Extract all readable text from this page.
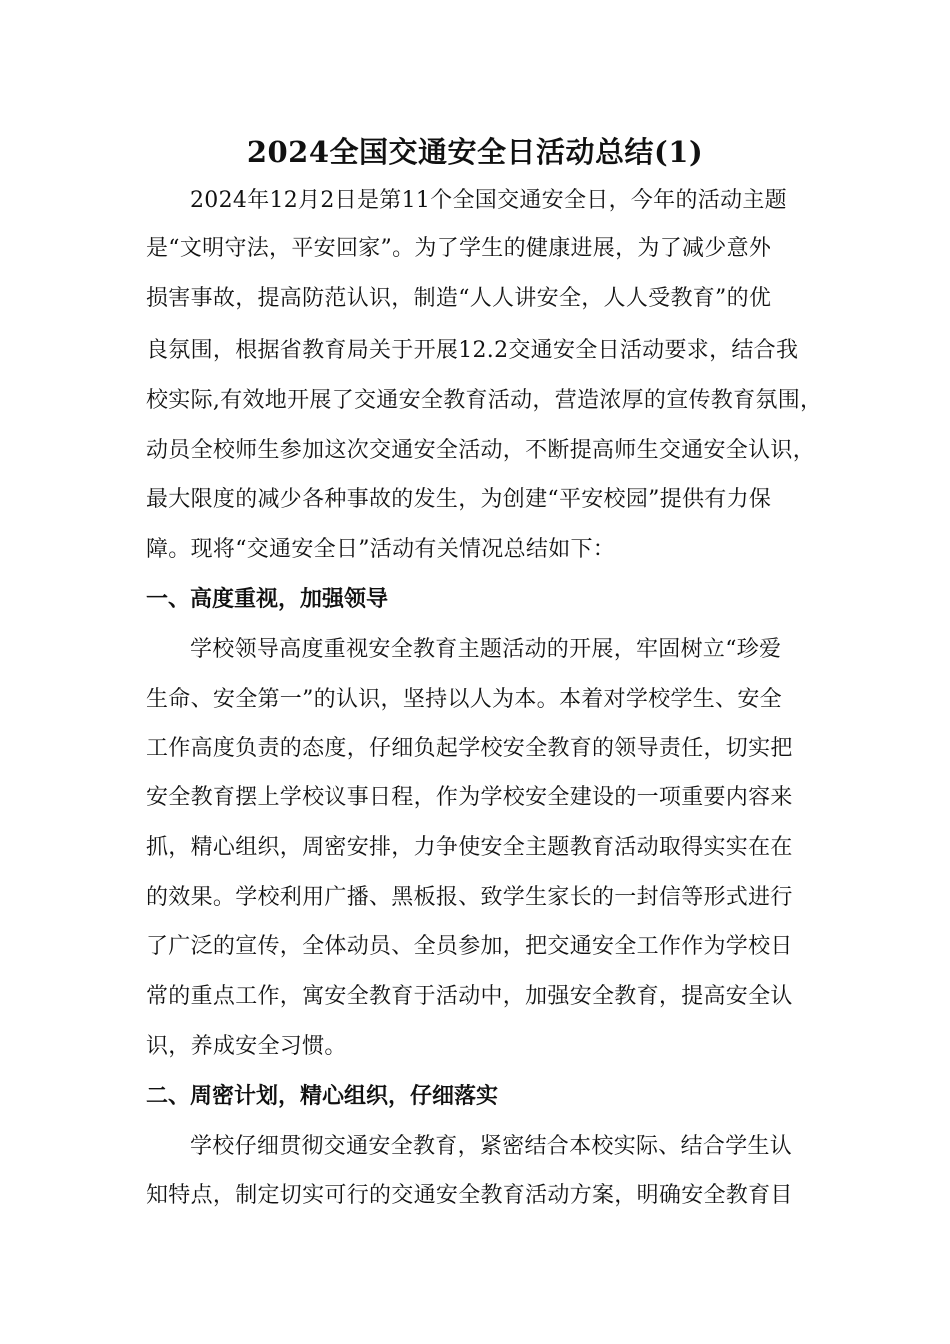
2024全国交通安全日活动总结(1)
2024年12月2日是第11个全国交通安全日，今年的活动主题
是“文明守法，平安回家”。为了学生的健康进展，为了减少意外
损害事故，提高防范认识，制造“人人讲安全，人人受教育”的优
良氛围，根据省教育局关于开展12.2交通安全日活动要求，结合我
校实际,有效地开展了交通安全教育活动，营造浓厚的宣传教育氛围，
动员全校师生参加这次交通安全活动，不断提高师生交通安全认识，
最大限度的减少各种事故的发生，为创建“平安校园”提供有力保
障。现将“交通安全日”活动有关情况总结如下：
一、高度重视，加强领导
学校领导高度重视安全教育主题活动的开展，牢固树立“珍爱
生命、安全第一”的认识，坚持以人为本。本着对学校学生、安全
工作高度负责的态度，仔细负起学校安全教育的领导责任，切实把
安全教育摆上学校议事日程，作为学校安全建设的一项重要内容来
抓，精心组织，周密安排，力争使安全主题教育活动取得实实在在
的效果。学校利用广播、黑板报、致学生家长的一封信等形式进行
了广泛的宣传，全体动员、全员参加，把交通安全工作作为学校日
常的重点工作，寓安全教育于活动中，加强安全教育，提高安全认
识，养成安全习惯。
二、周密计划，精心组织，仔细落实
学校仔细贯彻交通安全教育，紧密结合本校实际、结合学生认
知特点，制定切实可行的交通安全教育活动方案，明确安全教育目
